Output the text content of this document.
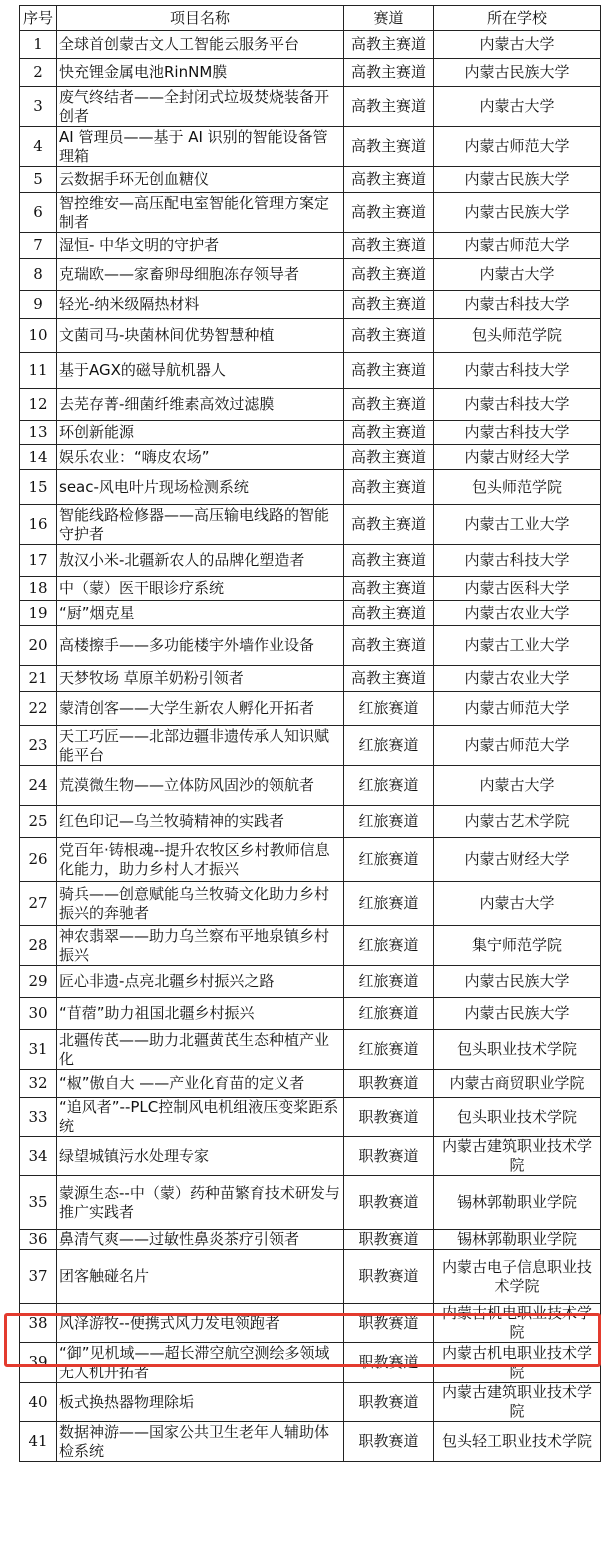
序号	项目名称	赛道	所在学校
1	全球首创蒙古文人工智能云服务平台	高教主赛道	内蒙古大学
2	快充锂金属电池RinNM膜	高教主赛道	内蒙古民族大学
3	废气终结者——全封闭式垃圾焚烧装备开创者	高教主赛道	内蒙古大学
4	AI 管理员——基于 AI 识别的智能设备管理箱	高教主赛道	内蒙古师范大学
5	云数据手环无创血糖仪	高教主赛道	内蒙古民族大学
6	智控维安—高压配电室智能化管理方案定制者	高教主赛道	内蒙古民族大学
7	湿恒- 中华文明的守护者	高教主赛道	内蒙古师范大学
8	克瑞欧——家畜卵母细胞冻存领导者	高教主赛道	内蒙古大学
9	轻光-纳米级隔热材料	高教主赛道	内蒙古科技大学
10	文菌司马-块菌林间优势智慧种植	高教主赛道	包头师范学院
11	基于AGX的磁导航机器人	高教主赛道	内蒙古科技大学
12	去芜存菁-细菌纤维素高效过滤膜	高教主赛道	内蒙古科技大学
13	环创新能源	高教主赛道	内蒙古科技大学
14	娱乐农业：“嗨皮农场”	高教主赛道	内蒙古财经大学
15	seac-风电叶片现场检测系统	高教主赛道	包头师范学院
16	智能线路检修器——高压输电线路的智能守护者	高教主赛道	内蒙古工业大学
17	敖汉小米-北疆新农人的品牌化塑造者	高教主赛道	内蒙古科技大学
18	中（蒙）医干眼诊疗系统	高教主赛道	内蒙古医科大学
19	“厨”烟克星	高教主赛道	内蒙古农业大学
20	高楼擦手——多功能楼宇外墙作业设备	高教主赛道	内蒙古工业大学
21	天梦牧场 草原羊奶粉引领者	高教主赛道	内蒙古农业大学
22	蒙清创客——大学生新农人孵化开拓者	红旅赛道	内蒙古师范大学
23	天工巧匠——北部边疆非遗传承人知识赋能平台	红旅赛道	内蒙古师范大学
24	荒漠微生物——立体防风固沙的领航者	红旅赛道	内蒙古大学
25	红色印记—乌兰牧骑精神的实践者	红旅赛道	内蒙古艺术学院
26	党百年·铸根魂--提升农牧区乡村教师信息化能力，助力乡村人才振兴	红旅赛道	内蒙古财经大学
27	骑兵——创意赋能乌兰牧骑文化助力乡村振兴的奔驰者	红旅赛道	内蒙古大学
28	神农翡翠——助力乌兰察布平地泉镇乡村振兴	红旅赛道	集宁师范学院
29	匠心非遗-点亮北疆乡村振兴之路	红旅赛道	内蒙古民族大学
30	“苜蓿”助力祖国北疆乡村振兴	红旅赛道	内蒙古民族大学
31	北疆传芪——助力北疆黄芪生态种植产业化	红旅赛道	包头职业技术学院
32	“椒”傲自大 ——产业化育苗的定义者	职教赛道	内蒙古商贸职业学院
33	“追风者”--PLC控制风电机组液压变桨距系统	职教赛道	包头职业技术学院
34	绿望城镇污水处理专家	职教赛道	内蒙古建筑职业技术学院
35	蒙源生态--中（蒙）药种苗繁育技术研发与推广实践者	职教赛道	锡林郭勒职业学院
36	鼻清气爽——过敏性鼻炎茶疗引领者	职教赛道	锡林郭勒职业学院
37	团客触碰名片	职教赛道	内蒙古电子信息职业技术学院
38	风泽游牧--便携式风力发电领跑者	职教赛道	内蒙古机电职业技术学院
39	“御”见机域——超长滞空航空测绘多领域无人机开拓者	职教赛道	内蒙古机电职业技术学院
40	板式换热器物理除垢	职教赛道	内蒙古建筑职业技术学院
41	数据神游——国家公共卫生老年人辅助体检系统	职教赛道	包头轻工职业技术学院
